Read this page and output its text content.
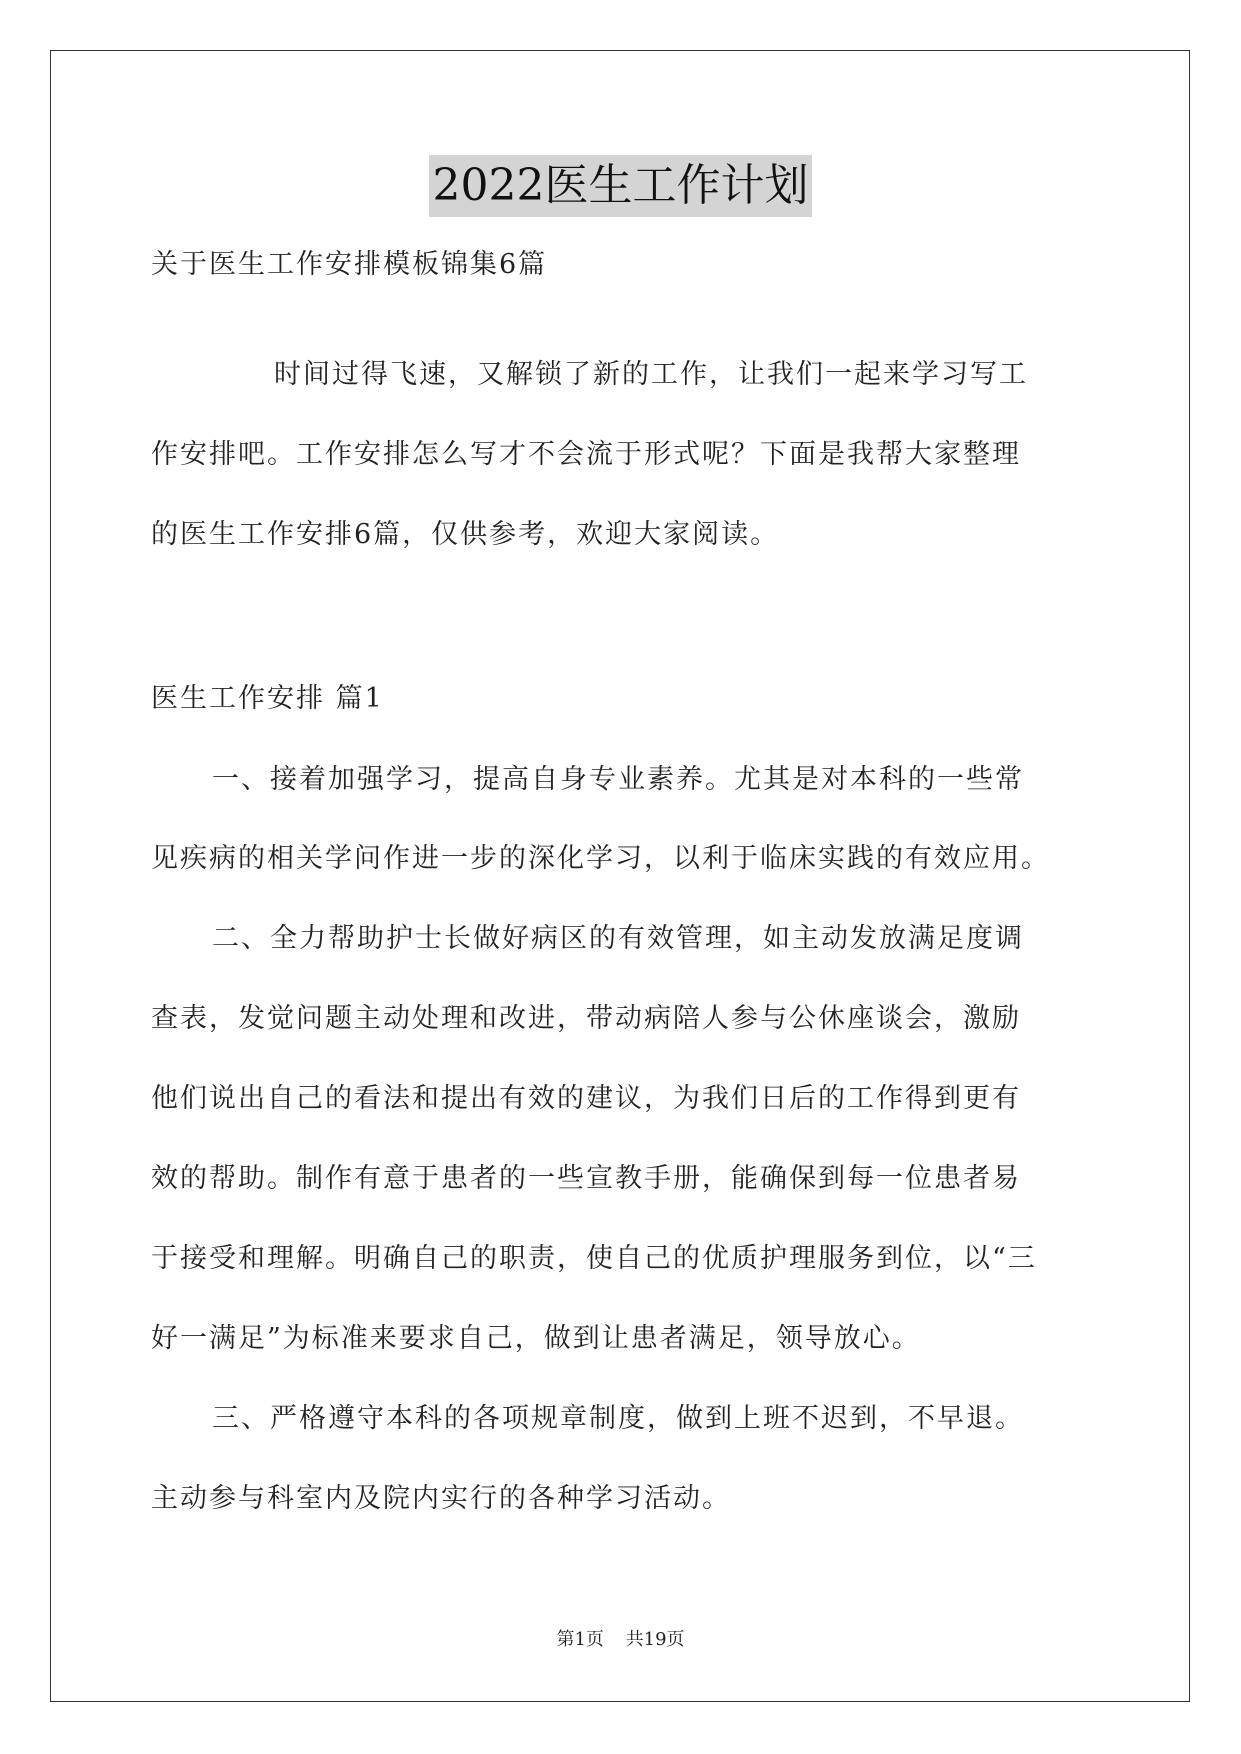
2022医生工作计划
关于医生工作安排模板锦集6篇
时间过得飞速，又解锁了新的工作，让我们一起来学习写工
作安排吧。工作安排怎么写才不会流于形式呢？下面是我帮大家整理
的医生工作安排6篇，仅供参考，欢迎大家阅读。
医生工作安排 篇1
一、接着加强学习，提高自身专业素养。尤其是对本科的一些常
见疾病的相关学问作进一步的深化学习，以利于临床实践的有效应用。
二、全力帮助护士长做好病区的有效管理，如主动发放满足度调
查表，发觉问题主动处理和改进，带动病陪人参与公休座谈会，激励
他们说出自己的看法和提出有效的建议，为我们日后的工作得到更有
效的帮助。制作有意于患者的一些宣教手册，能确保到每一位患者易
于接受和理解。明确自己的职责，使自己的优质护理服务到位，以“三
好一满足”为标准来要求自己，做到让患者满足，领导放心。
三、严格遵守本科的各项规章制度，做到上班不迟到，不早退。
主动参与科室内及院内实行的各种学习活动。
第1页 共19页
